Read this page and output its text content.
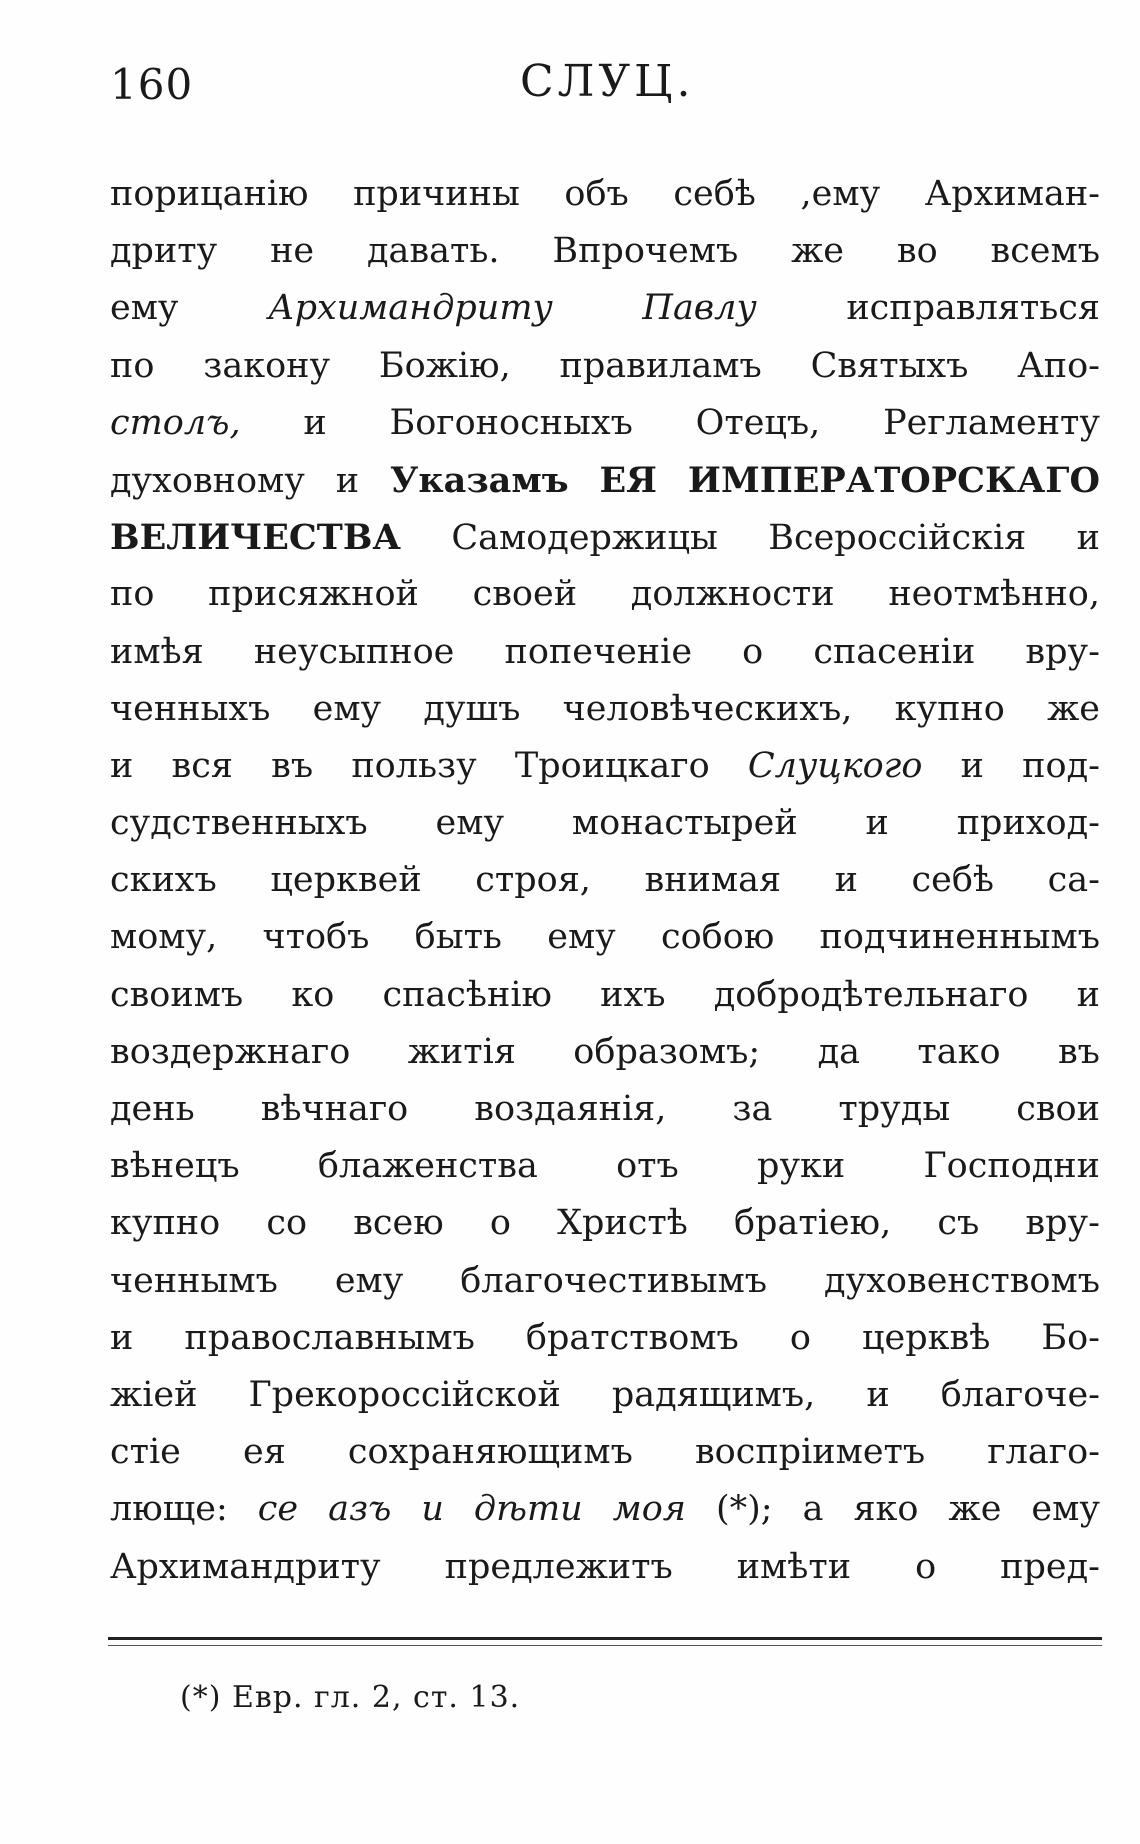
160	СЛУЦ.
порицанію причины объ себѣ ,ему Архиман-
дриту не давать. Впрочемъ же во всемъ
ему	Архимандриту	Павлу	исправляться
по закону Божію, правиламъ Святыхъ Апо-
столъ, и Богоносныхъ Отецъ, Регламенту
духовному и Указамъ ЕЯ ИМПЕРАТОРСКАГО
ВЕЛИЧЕСТВА Самодержицы Всероссійскія и
по присяжной своей должности неотмѣнно,
имѣя неусыпное попеченіе о спасеніи вру-
ченныхъ ему душъ человѣческихъ, купно же
и вся въ пользу Троицкаго Слуцкого и под-
судственныхъ ему монастырей и приход-
скихъ церквей строя, внимая и себѣ са-
мому, чтобъ быть ему собою подчиненнымъ
своимъ ко спасѣнію ихъ добродѣтельнаго и
воздержнаго житія образомъ; да тако въ
день вѣчнаго воздаянія, за труды свои
вѣнецъ блаженства отъ руки Господни
купно со всею о Христѣ братіею, съ вру-
ченнымъ ему благочестивымъ духовенствомъ
и православнымъ братствомъ о церквѣ Бо-
жіей Грекороссійской радящимъ, и благоче-
стіе ея сохраняющимъ воспріиметъ глаго-
люще: се азъ и дѣти моя (*); а яко же ему
Архимандриту предлежитъ имѣти о пред-
(*) Евр. гл. 2, ст. 13.
